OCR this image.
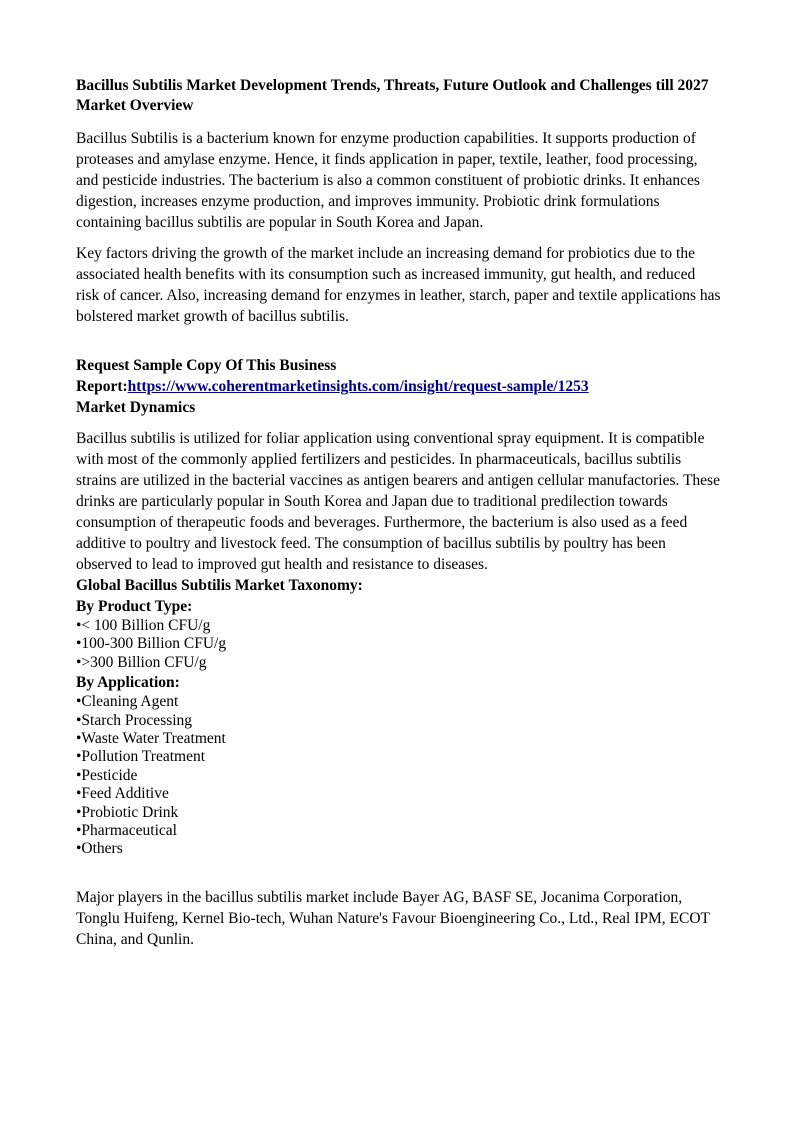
Bacillus Subtilis Market Development Trends, Threats, Future Outlook and Challenges till 2027
Market Overview

Bacillus Subtilis is a bacterium known for enzyme production capabilities. It supports production of proteases and amylase enzyme. Hence, it finds application in paper, textile, leather, food processing, and pesticide industries. The bacterium is also a common constituent of probiotic drinks. It enhances digestion, increases enzyme production, and improves immunity. Probiotic drink formulations containing bacillus subtilis are popular in South Korea and Japan.

Key factors driving the growth of the market include an increasing demand for probiotics due to the associated health benefits with its consumption such as increased immunity, gut health, and reduced risk of cancer. Also, increasing demand for enzymes in leather, starch, paper and textile applications has bolstered market growth of bacillus subtilis.

Request Sample Copy Of This Business
Report:https://www.coherentmarketinsights.com/insight/request-sample/1253
Market Dynamics

Bacillus subtilis is utilized for foliar application using conventional spray equipment. It is compatible with most of the commonly applied fertilizers and pesticides. In pharmaceuticals, bacillus subtilis strains are utilized in the bacterial vaccines as antigen bearers and antigen cellular manufactories. These drinks are particularly popular in South Korea and Japan due to traditional predilection towards consumption of therapeutic foods and beverages. Furthermore, the bacterium is also used as a feed additive to poultry and livestock feed. The consumption of bacillus subtilis by poultry has been observed to lead to improved gut health and resistance to diseases.

Global Bacillus Subtilis Market Taxonomy:
By Product Type:
•< 100 Billion CFU/g
•100-300 Billion CFU/g
•>300 Billion CFU/g
By Application:
•Cleaning Agent
•Starch Processing
•Waste Water Treatment
•Pollution Treatment
•Pesticide
•Feed Additive
•Probiotic Drink
•Pharmaceutical
•Others

Major players in the bacillus subtilis market include Bayer AG, BASF SE, Jocanima Corporation, Tonglu Huifeng, Kernel Bio-tech, Wuhan Nature's Favour Bioengineering Co., Ltd., Real IPM, ECOT China, and Qunlin.
